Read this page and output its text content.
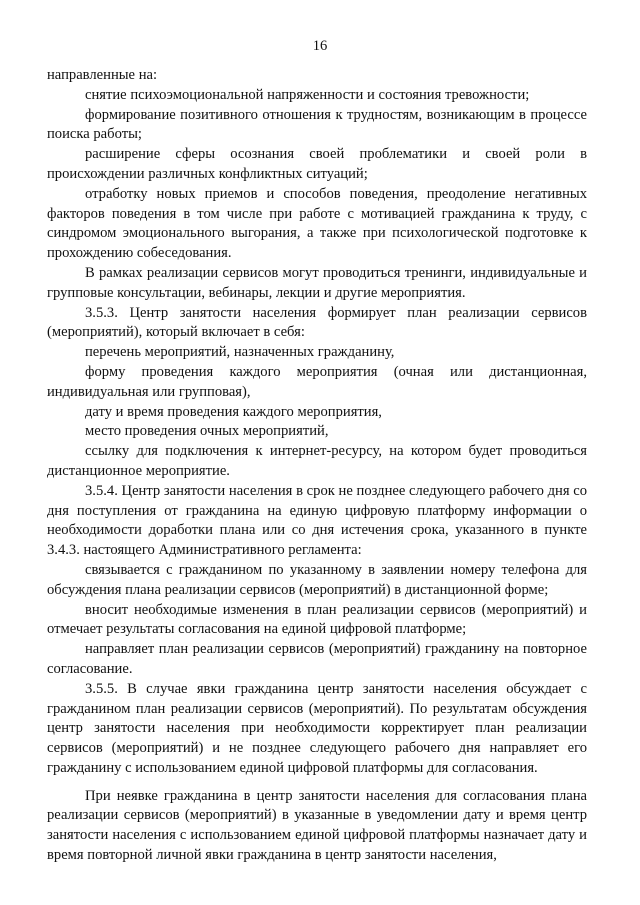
16

направленные на:

снятие психоэмоциональной напряженности и состояния тревожности;

формирование позитивного отношения к трудностям, возникающим в процессе поиска работы;

расширение сферы осознания своей проблематики и своей роли в происхождении различных конфликтных ситуаций;

отработку новых приемов и способов поведения, преодоление негативных факторов поведения в том числе при работе с мотивацией гражданина к труду, с синдромом эмоционального выгорания, а также при психологической подготовке к прохождению собеседования.

В рамках реализации сервисов могут проводиться тренинги, индивидуальные и групповые консультации, вебинары, лекции и другие мероприятия.

3.5.3. Центр занятости населения формирует план реализации сервисов (мероприятий), который включает в себя:

перечень мероприятий, назначенных гражданину,

форму проведения каждого мероприятия (очная или дистанционная, индивидуальная или групповая),

дату и время проведения каждого мероприятия,

место проведения очных мероприятий,

ссылку для подключения к интернет-ресурсу, на котором будет проводиться дистанционное мероприятие.

3.5.4. Центр занятости населения в срок не позднее следующего рабочего дня со дня поступления от гражданина на единую цифровую платформу информации о необходимости доработки плана или со дня истечения срока, указанного в пункте 3.4.3. настоящего Административного регламента:

связывается с гражданином по указанному в заявлении номеру телефона для обсуждения плана реализации сервисов (мероприятий) в дистанционной форме;

вносит необходимые изменения в план реализации сервисов (мероприятий) и отмечает результаты согласования на единой цифровой платформе;

направляет план реализации сервисов (мероприятий) гражданину на повторное согласование.

3.5.5. В случае явки гражданина центр занятости населения обсуждает с гражданином план реализации сервисов (мероприятий). По результатам обсуждения центр занятости населения при необходимости корректирует план реализации сервисов (мероприятий) и не позднее следующего рабочего дня направляет его гражданину с использованием единой цифровой платформы для согласования.

При неявке гражданина в центр занятости населения для согласования плана реализации сервисов (мероприятий) в указанные в уведомлении дату и время центр занятости населения с использованием единой цифровой платформы назначает дату и время повторной личной явки гражданина в центр занятости населения,
